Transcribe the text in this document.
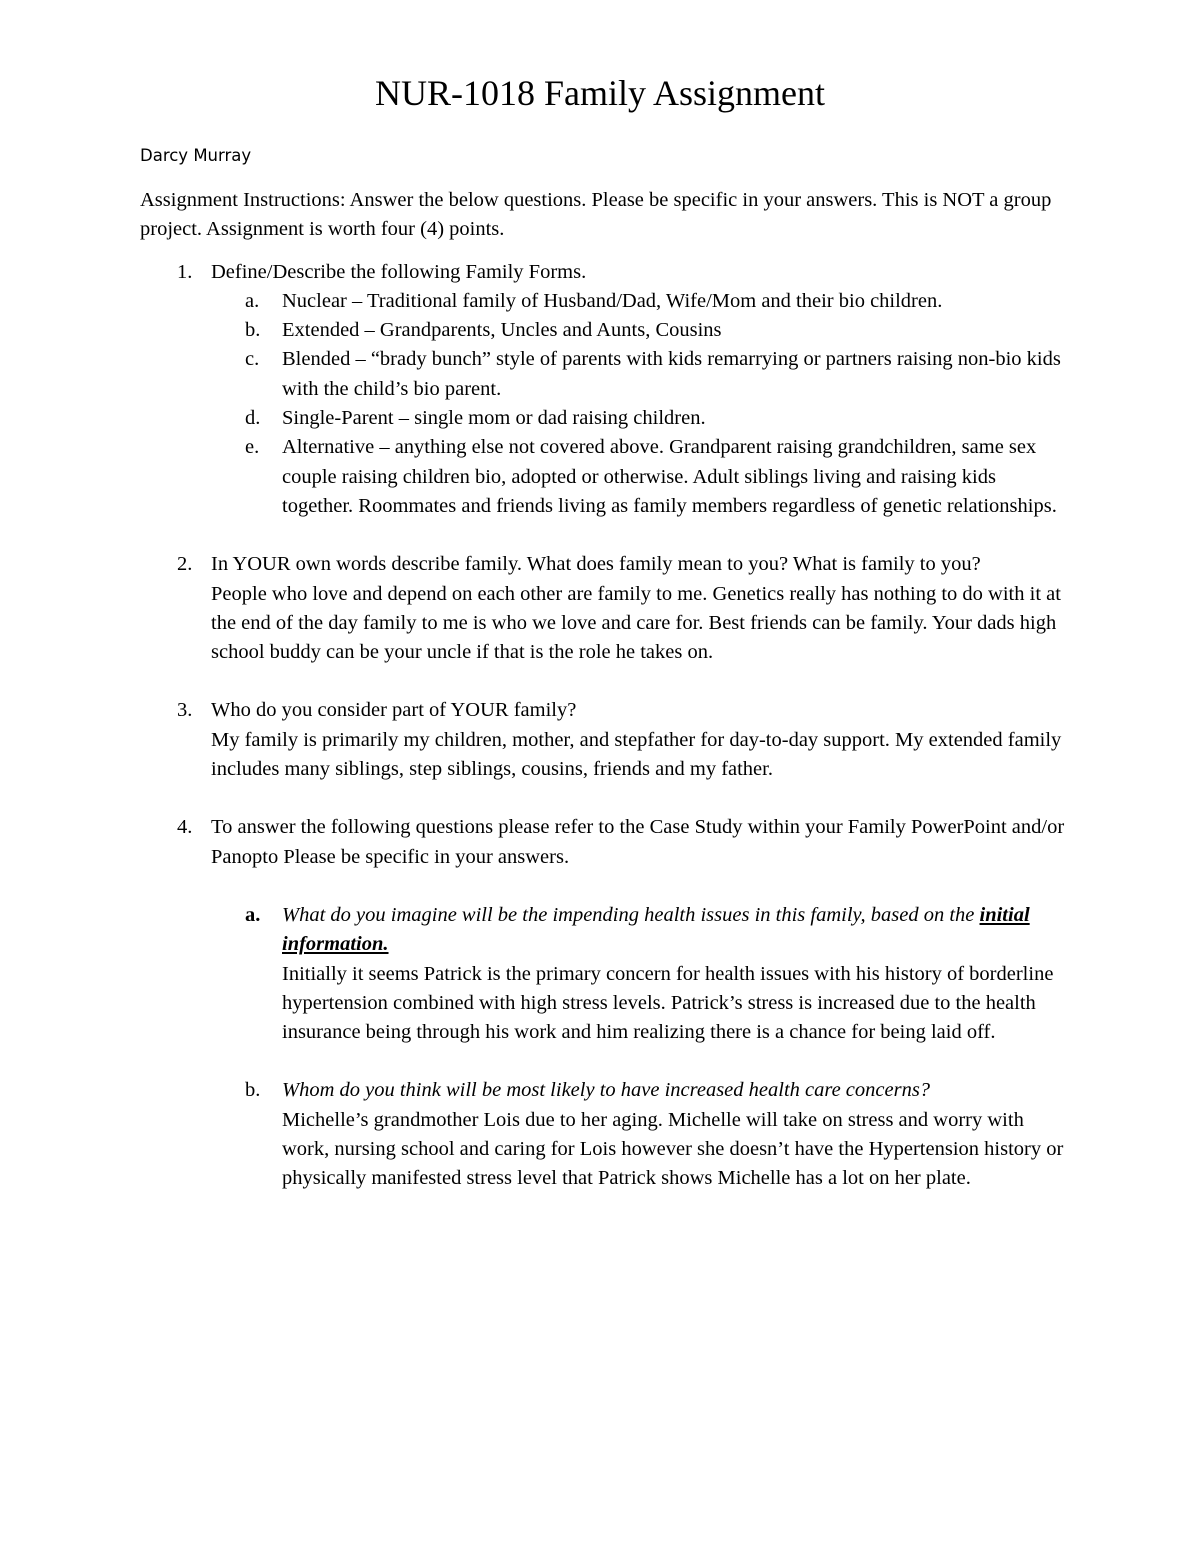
NUR-1018 Family Assignment
Darcy Murray

Assignment Instructions: Answer the below questions. Please be specific in your answers. This is NOT a group project. Assignment is worth four (4) points.

1. Define/Describe the following Family Forms.
a. Nuclear – Traditional family of Husband/Dad, Wife/Mom and their bio children.
b. Extended – Grandparents, Uncles and Aunts, Cousins
c. Blended – “brady bunch” style of parents with kids remarrying or partners raising non-bio kids with the child’s bio parent.
d. Single-Parent – single mom or dad raising children.
e. Alternative – anything else not covered above. Grandparent raising grandchildren, same sex couple raising children bio, adopted or otherwise. Adult siblings living and raising kids together. Roommates and friends living as family members regardless of genetic relationships.
2. In YOUR own words describe family. What does family mean to you? What is family to you?
People who love and depend on each other are family to me. Genetics really has nothing to do with it at the end of the day family to me is who we love and care for. Best friends can be family. Your dads high school buddy can be your uncle if that is the role he takes on.
3. Who do you consider part of YOUR family?
My family is primarily my children, mother, and stepfather for day-to-day support. My extended family includes many siblings, step siblings, cousins, friends and my father.
4. To answer the following questions please refer to the Case Study within your Family PowerPoint and/or Panopto Please be specific in your answers.
a. What do you imagine will be the impending health issues in this family, based on the initial information.
Initially it seems Patrick is the primary concern for health issues with his history of borderline hypertension combined with high stress levels. Patrick’s stress is increased due to the health insurance being through his work and him realizing there is a chance for being laid off.
b. Whom do you think will be most likely to have increased health care concerns?
Michelle’s grandmother Lois due to her aging. Michelle will take on stress and worry with work, nursing school and caring for Lois however she doesn’t have the Hypertension history or physically manifested stress level that Patrick shows Michelle has a lot on her plate.
